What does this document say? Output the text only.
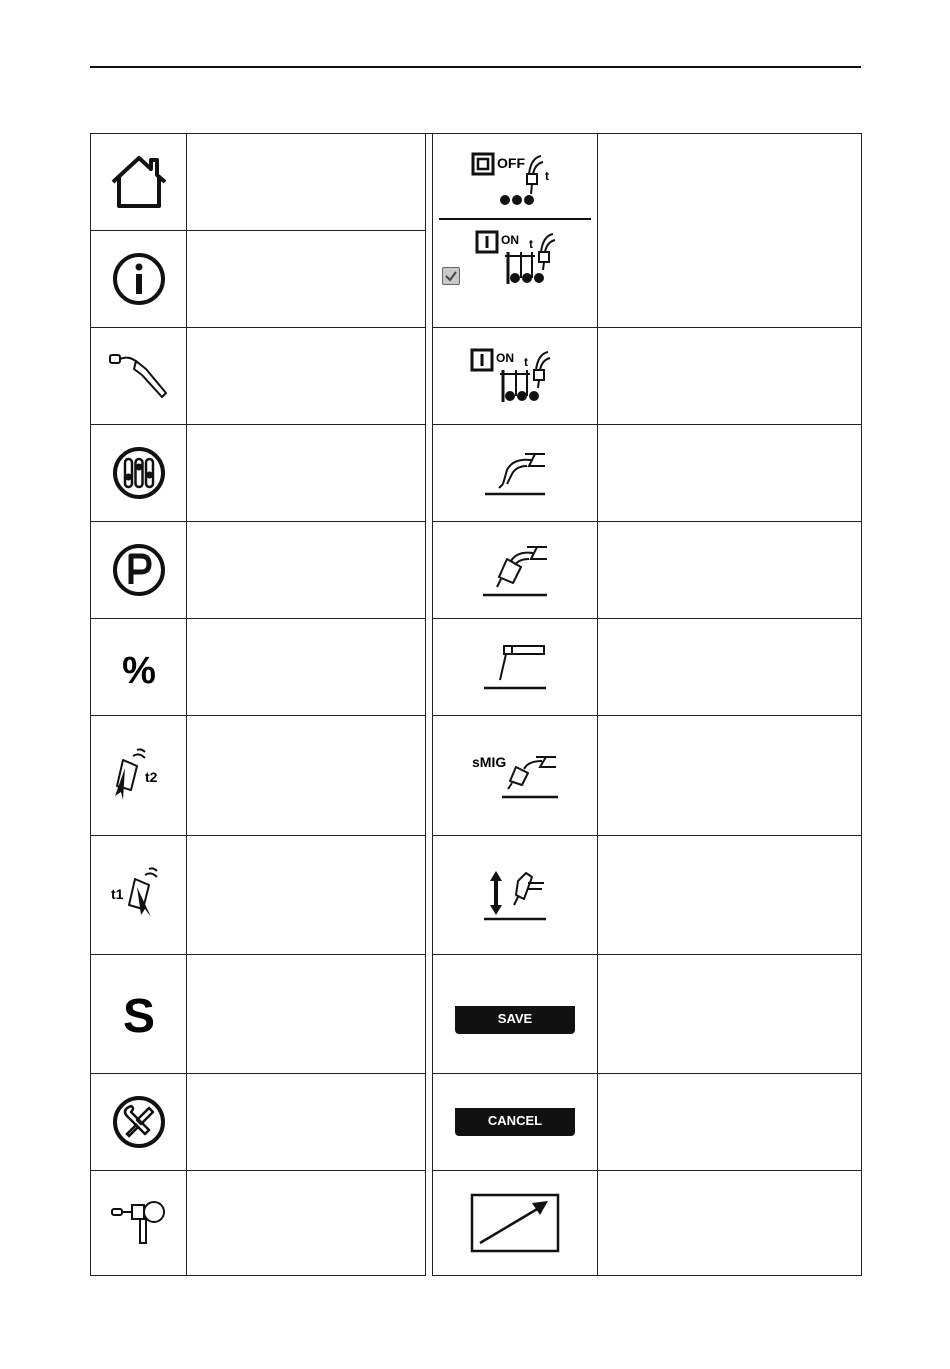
OFF
t
ON t	

ON t	

%

t2			sMIG	

t1

S			SAVE	

		CANCEL	
